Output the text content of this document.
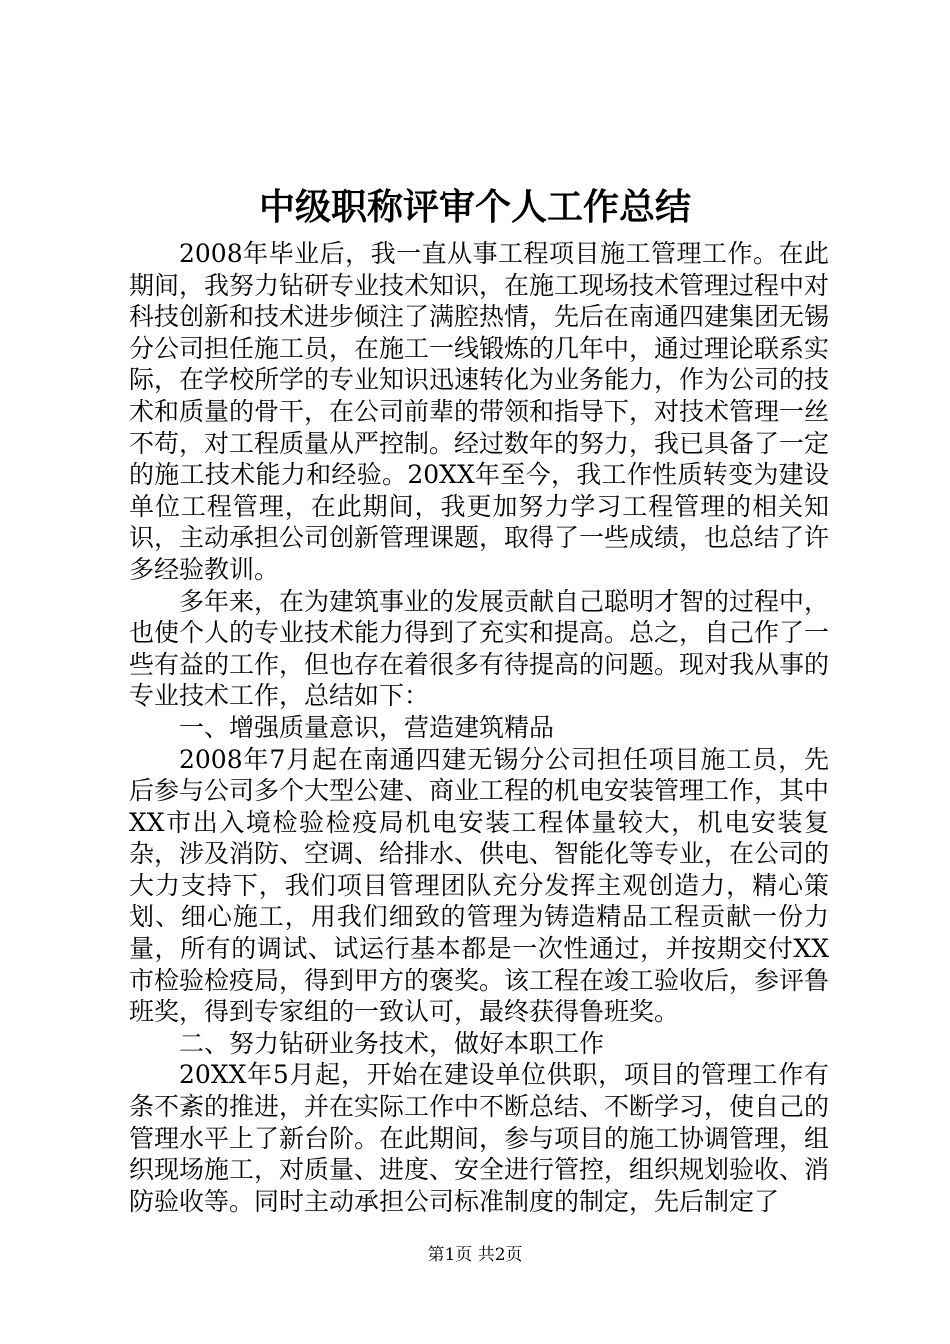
中级职称评审个人工作总结

2008年毕业后，我一直从事工程项目施工管理工作。在此期间，我努力钻研专业技术知识，在施工现场技术管理过程中对科技创新和技术进步倾注了满腔热情，先后在南通四建集团无锡分公司担任施工员，在施工一线锻炼的几年中，通过理论联系实际，在学校所学的专业知识迅速转化为业务能力，作为公司的技术和质量的骨干，在公司前辈的带领和指导下，对技术管理一丝不苟，对工程质量从严控制。经过数年的努力，我已具备了一定的施工技术能力和经验。20XX年至今，我工作性质转变为建设单位工程管理，在此期间，我更加努力学习工程管理的相关知识，主动承担公司创新管理课题，取得了一些成绩，也总结了许多经验教训。

多年来，在为建筑事业的发展贡献自己聪明才智的过程中，也使个人的专业技术能力得到了充实和提高。总之，自己作了一些有益的工作，但也存在着很多有待提高的问题。现对我从事的专业技术工作，总结如下：

一、增强质量意识，营造建筑精品

2008年7月起在南通四建无锡分公司担任项目施工员，先后参与公司多个大型公建、商业工程的机电安装管理工作，其中XX市出入境检验检疫局机电安装工程体量较大，机电安装复杂，涉及消防、空调、给排水、供电、智能化等专业，在公司的大力支持下，我们项目管理团队充分发挥主观创造力，精心策划、细心施工，用我们细致的管理为铸造精品工程贡献一份力量，所有的调试、试运行基本都是一次性通过，并按期交付XX市检验检疫局，得到甲方的褒奖。该工程在竣工验收后，参评鲁班奖，得到专家组的一致认可，最终获得鲁班奖。

二、努力钻研业务技术，做好本职工作

20XX年5月起，开始在建设单位供职，项目的管理工作有条不紊的推进，并在实际工作中不断总结、不断学习，使自己的管理水平上了新台阶。在此期间，参与项目的施工协调管理，组织现场施工，对质量、进度、安全进行管控，组织规划验收、消防验收等。同时主动承担公司标准制度的制定，先后制定了

第1页 共2页
